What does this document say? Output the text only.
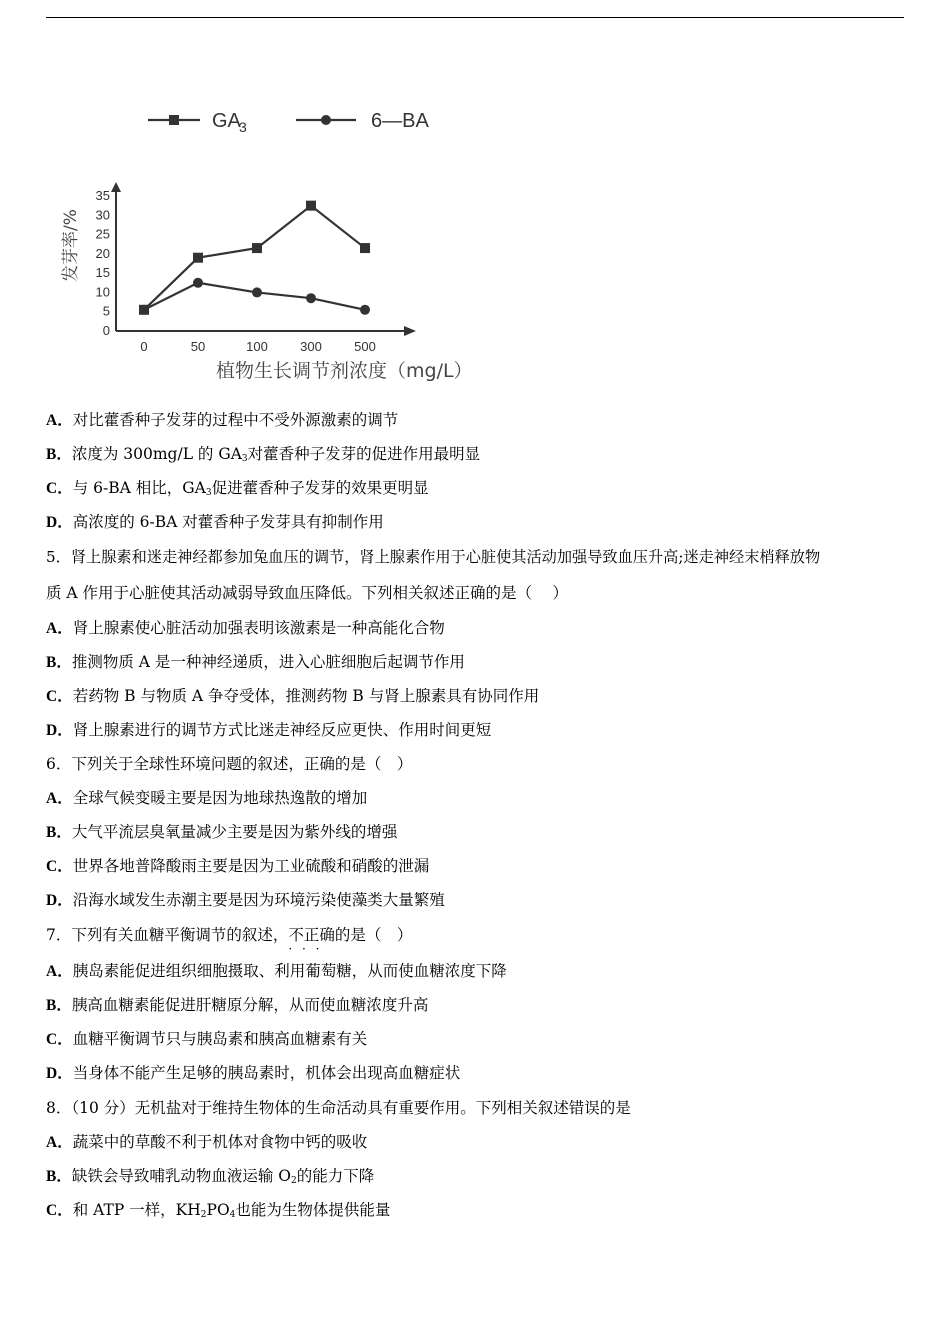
GA
3	6—BA
0
5
10
15
20
25
30
35
0	50	100 300 500
发芽率/%
植物生长调节剂浓度（mg/L）
A．对比藿香种子发芽的过程中不受外源激素的调节
B．浓度为 300mg/L 的 $GA_3$对藿香种子发芽的促进作用最明显
C．与 6-BA 相比，$GA_3$促进藿香种子发芽的效果更明显
D．高浓度的 6-BA 对藿香种子发芽具有抑制作用
5．肾上腺素和迷走神经都参加兔血压的调节，肾上腺素作用于心脏使其活动加强导致血压升高;迷走神经末梢释放物
质 A 作用于心脏使其活动减弱导致血压降低。下列相关叙述正确的是（　 ）
A．肾上腺素使心脏活动加强表明该激素是一种高能化合物
B．推测物质 A 是一种神经递质，进入心脏细胞后起调节作用
C．若药物 B 与物质 A 争夺受体，推测药物 B 与肾上腺素具有协同作用
D．肾上腺素进行的调节方式比迷走神经反应更快、作用时间更短
6．下列关于全球性环境问题的叙述，正确的是（　）
A．全球气候变暖主要是因为地球热逸散的增加
B．大气平流层臭氧量减少主要是因为紫外线的增强
C．世界各地普降酸雨主要是因为工业硫酸和硝酸的泄漏
D．沿海水域发生赤潮主要是因为环境污染使藻类大量繁殖
7．下列有关血糖平衡调节的叙述，不正确 · · ·的是（　）
A．胰岛素能促进组织细胞摄取、利用葡萄糖，从而使血糖浓度下降
B．胰高血糖素能促进肝糖原分解，从而使血糖浓度升高
C．血糖平衡调节只与胰岛素和胰高血糖素有关
D．当身体不能产生足够的胰岛素时，机体会出现高血糖症状
8．（10 分）无机盐对于维持生物体的生命活动具有重要作用。下列相关叙述错误的是
A．蔬菜中的草酸不利于机体对食物中钙的吸收
B．缺铁会导致哺乳动物血液运输 $O_2$的能力下降
C．和 ATP 一样，$KH_2PO_4$也能为生物体提供能量
